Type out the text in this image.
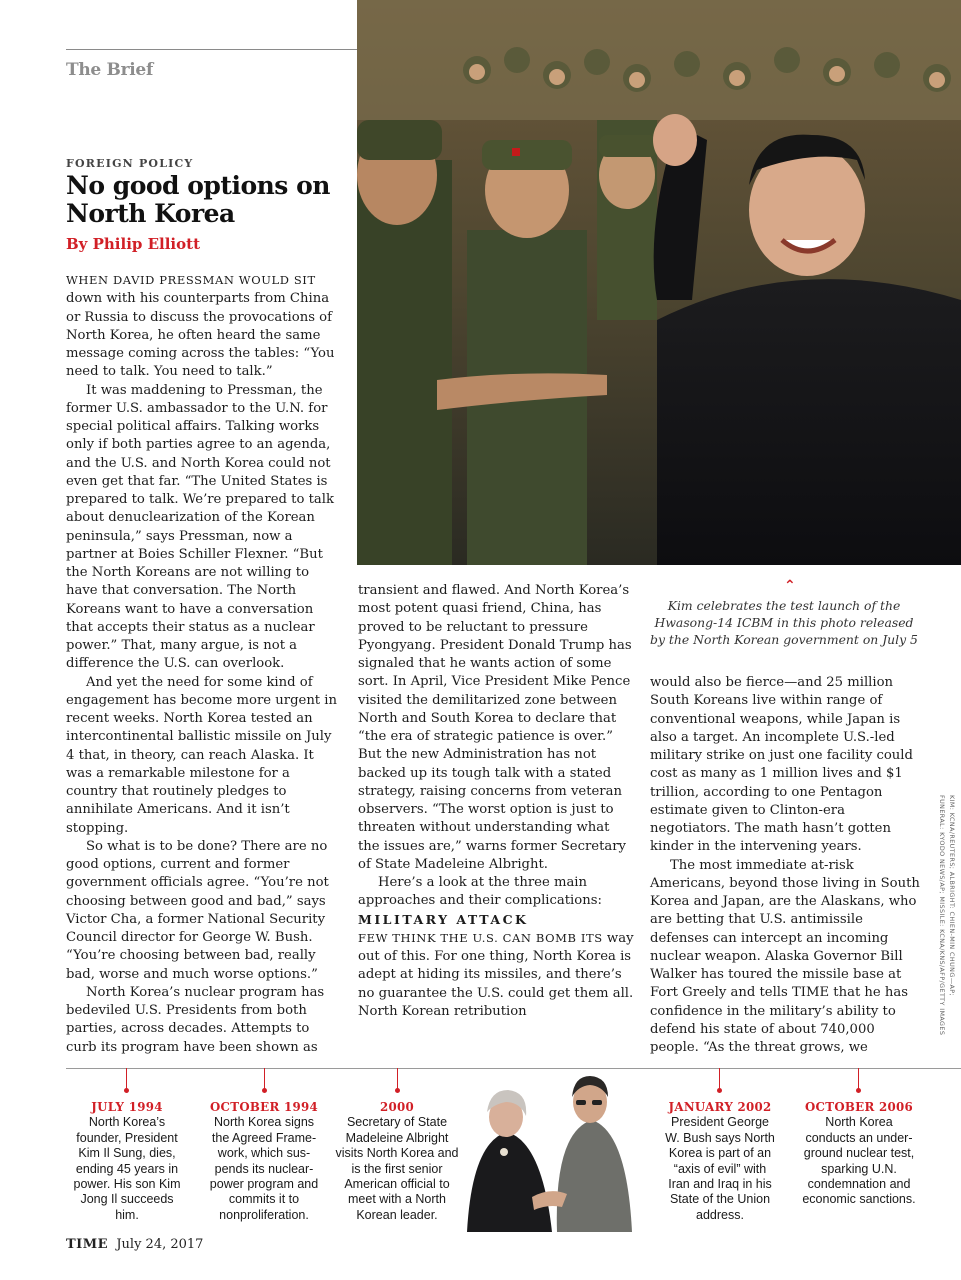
The Brief
FOREIGN POLICY
No good options on North Korea
By Philip Elliott

WHEN DAVID PRESSMAN WOULD SIT down with his counterparts from China or Russia to discuss the provocations of North Korea, he often heard the same message coming across the tables: “You need to talk. You need to talk.”

It was maddening to Pressman, the former U.S. ambassador to the U.N. for special political affairs. Talking works only if both parties agree to an agenda, and the U.S. and North Korea could not even get that far. “The United States is prepared to talk. We’re prepared to talk about denuclearization of the Korean peninsula,” says Pressman, now a partner at Boies Schiller Flexner. “But the North Koreans are not willing to have that conversation. The North Koreans want to have a conversation that accepts their status as a nuclear power.” That, many argue, is not a difference the U.S. can overlook.

And yet the need for some kind of engagement has become more urgent in recent weeks. North Korea tested an intercontinental ballistic missile on July 4 that, in theory, can reach Alaska. It was a remarkable milestone for a country that routinely pledges to annihilate Americans. And it isn’t stopping.

So what is to be done? There are no good options, current and former government officials agree. “You’re not choosing between good and bad,” says Victor Cha, a former National Security Council director for George W. Bush. “You’re choosing between bad, really bad, worse and much worse options.”

North Korea’s nuclear program has bedeviled U.S. Presidents from both parties, across decades. Attempts to curb its program have been shown as

transient and flawed. And North Korea’s most potent quasi friend, China, has proved to be reluctant to pressure Pyongyang. President Donald Trump has signaled that he wants action of some sort. In April, Vice President Mike Pence visited the demilitarized zone between North and South Korea to declare that “the era of strategic patience is over.” But the new Administration has not backed up its tough talk with a stated strategy, raising concerns from veteran observers. “The worst option is just to threaten without understanding what the issues are,” warns former Secretary of State Madeleine Albright.

Here’s a look at the three main approaches and their complications:

MILITARY ATTACK

FEW THINK THE U.S. CAN BOMB ITS way out of this. For one thing, North Korea is adept at hiding its missiles, and there’s no guarantee the U.S. could get them all. North Korean retribution

⌃
Kim celebrates the test launch of the Hwasong-14 ICBM in this photo released by the North Korean government on July 5

would also be fierce—and 25 million South Koreans live within range of conventional weapons, while Japan is also a target. An incomplete U.S.-led military strike on just one facility could cost as many as 1 million lives and $1 trillion, according to one Pentagon estimate given to Clinton-era negotiators. The math hasn’t gotten kinder in the intervening years.

The most immediate at-risk Americans, beyond those living in South Korea and Japan, are the Alaskans, who are betting that U.S. antimissile defenses can intercept an incoming nuclear weapon. Alaska Governor Bill Walker has toured the missile base at Fort Greely and tells TIME that he has confidence in the military’s ability to defend his state of about 740,000 people. “As the threat grows, we

KIM: KCNA/REUTERS; ALBRIGHT: CHIEN-MIN CHUNG—AP;
FUNERAL: KYODO NEWS/AP; MISSILE: KCNA/KNS/AFP/GETTY IMAGES
JULY 1994
North Korea’s founder, President Kim Il Sung, dies, ending 45 years in power. His son Kim Jong Il succeeds him.
OCTOBER 1994
North Korea signs the Agreed Frame-work, which sus-pends its nuclear-power program and commits it to nonproliferation.
2000
Secretary of State Madeleine Albright visits North Korea and is the first senior American official to meet with a North Korean leader.
JANUARY 2002
President George W. Bush says North Korea is part of an “axis of evil” with Iran and Iraq in his State of the Union address.
OCTOBER 2006
North Korea conducts an under-ground nuclear test, sparking U.N. condemnation and economic sanctions.
TIME July 24, 2017
